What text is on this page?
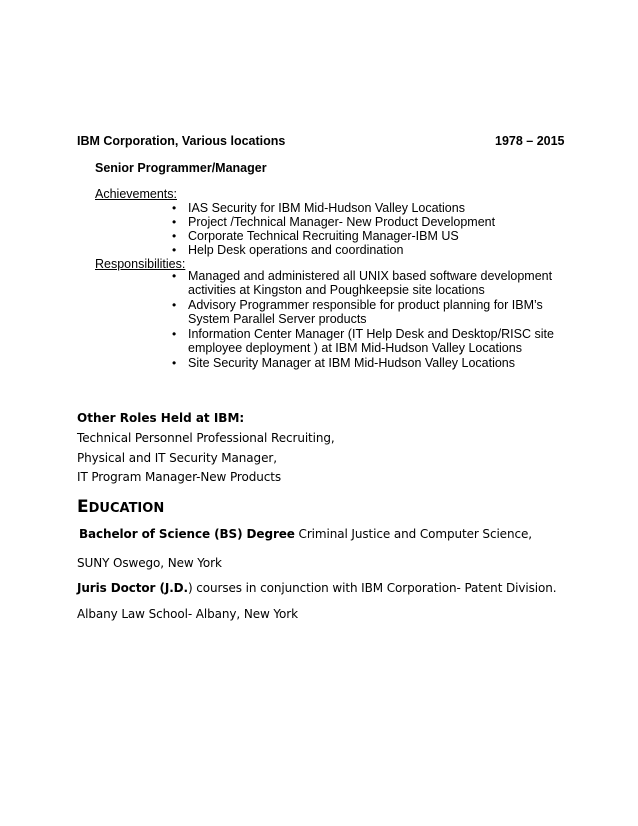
IBM Corporation, Various locations	1978 – 2015
Senior Programmer/Manager
Achievements:
• IAS Security for IBM Mid-Hudson Valley Locations
• Project /Technical Manager- New Product Development
• Corporate Technical Recruiting Manager-IBM US
• Help Desk operations and coordination
Responsibilities:
• Managed and administered all UNIX based software development activities at Kingston and Poughkeepsie site locations
• Advisory Programmer responsible for product planning for IBM’s System Parallel Server products
• Information Center Manager (IT Help Desk and Desktop/RISC site employee deployment ) at IBM Mid-Hudson Valley Locations
• Site Security Manager at IBM Mid-Hudson Valley Locations
Other Roles Held at IBM:
Technical Personnel Professional Recruiting,
Physical and IT Security Manager,
IT Program Manager-New Products
EDUCATION
Bachelor of Science (BS) Degree Criminal Justice and Computer Science,
SUNY Oswego, New York
Juris Doctor (J.D.) courses in conjunction with IBM Corporation- Patent Division.
Albany Law School- Albany, New York
